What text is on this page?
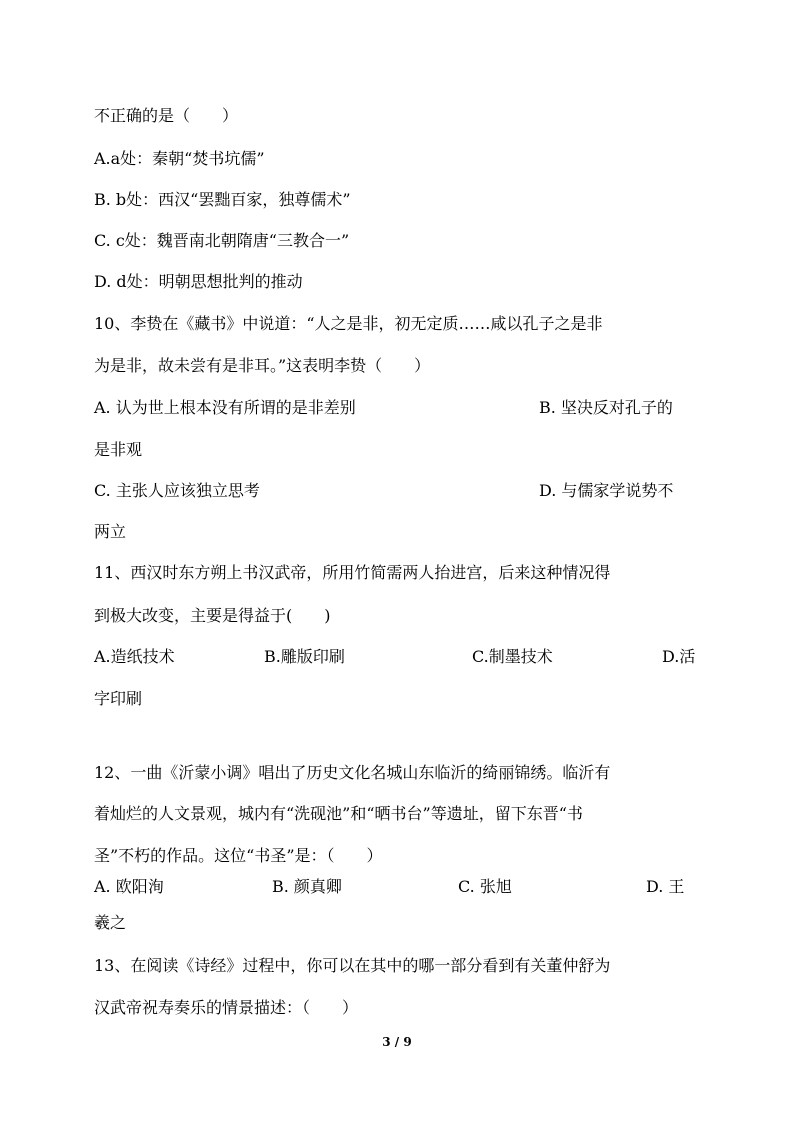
不正确的是（　　）

A.a处：秦朝“焚书坑儒”

B. b处：西汉“罢黜百家，独尊儒术”

C. c处：魏晋南北朝隋唐“三教合一”

D. d处：明朝思想批判的推动

10、李贽在《藏书》中说道：“人之是非，初无定质……咸以孔子之是非

为是非，故未尝有是非耳。”这表明李贽（　　）

A. 认为世上根本没有所谓的是非差别	B. 坚决反对孔子的

是非观

C. 主张人应该独立思考	D. 与儒家学说势不

两立

11、西汉时东方朔上书汉武帝，所用竹简需两人抬进宫，后来这种情况得

到极大改变，主要是得益于(　　)

A.造纸技术	B.雕版印刷	C.制墨技术	D.活

字印刷

12、一曲《沂蒙小调》唱出了历史文化名城山东临沂的绮丽锦绣。临沂有

着灿烂的人文景观，城内有“洗砚池”和“晒书台”等遗址，留下东晋“书

圣”不朽的作品。这位“书圣”是：（　　）

A. 欧阳洵	B. 颜真卿	C. 张旭	D. 王

羲之

13、在阅读《诗经》过程中，你可以在其中的哪一部分看到有关董仲舒为

汉武帝祝寿奏乐的情景描述：（　　）

3 / 9
